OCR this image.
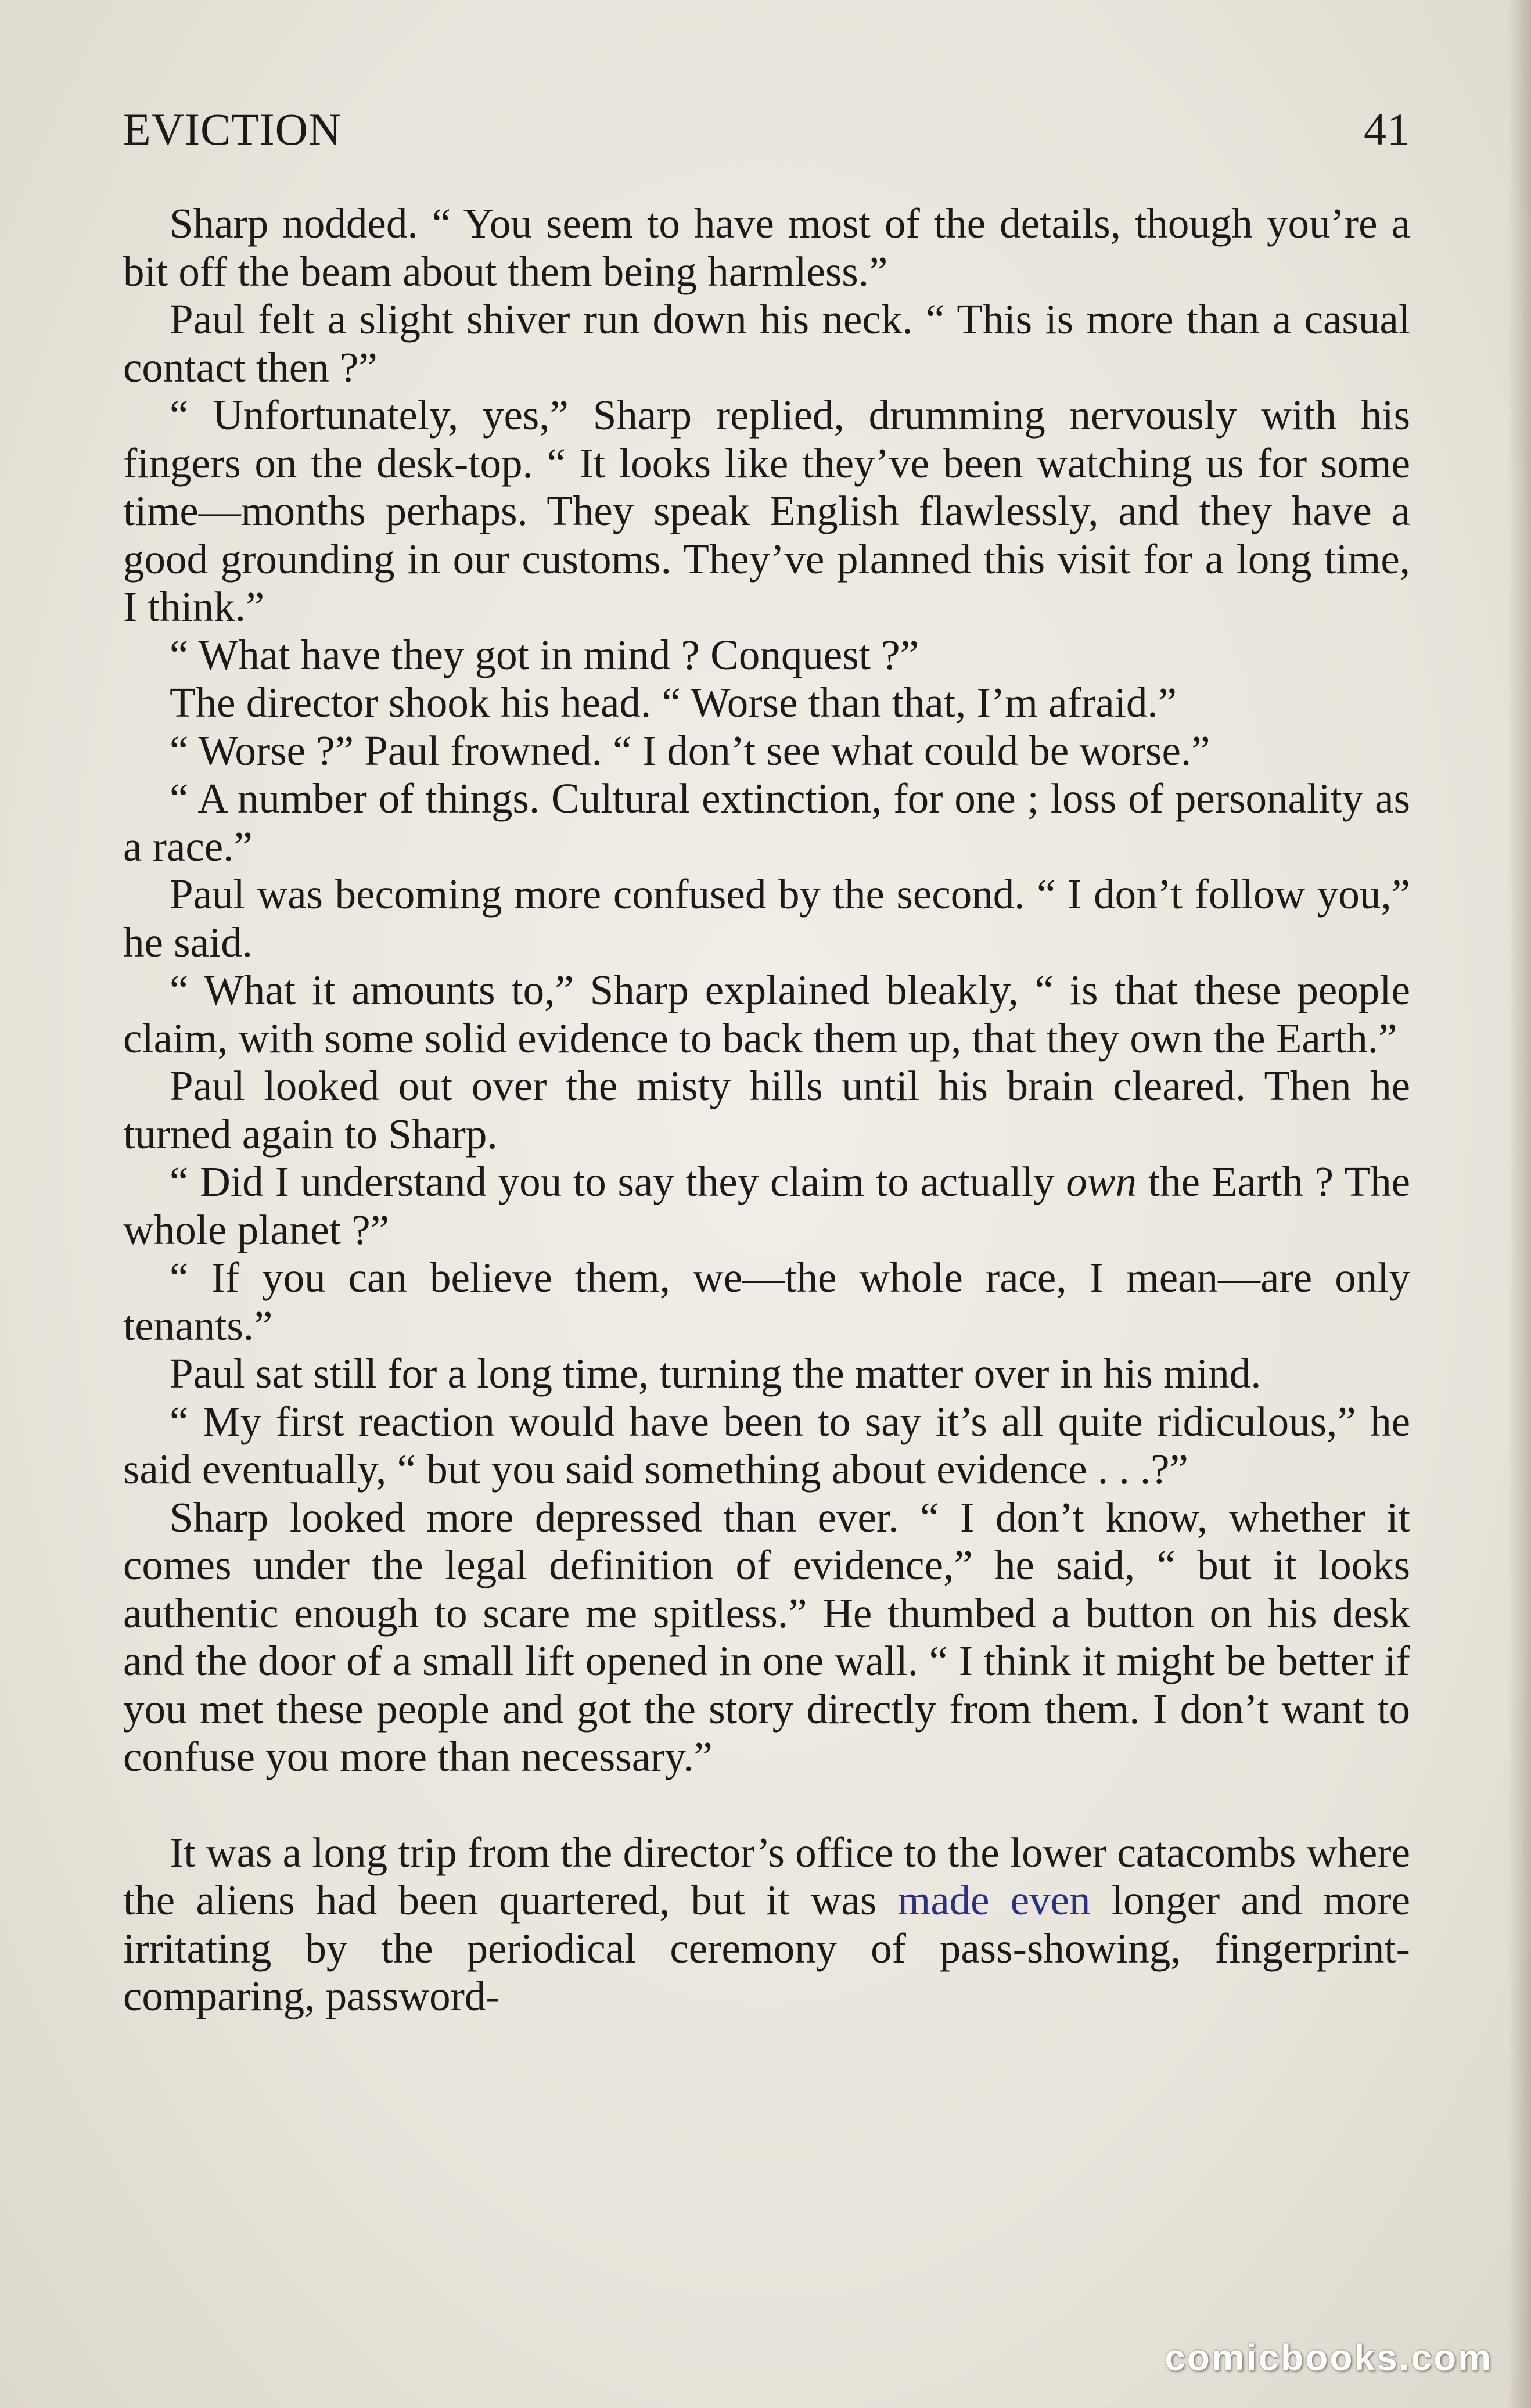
EVICTION	41

Sharp nodded. “ You seem to have most of the details, though you’re a bit off the beam about them being harmless.”

Paul felt a slight shiver run down his neck. “ This is more than a casual contact then ?”

“ Unfortunately, yes,” Sharp replied, drumming nervously with his fingers on the desk-top. “ It looks like they’ve been watching us for some time—months perhaps. They speak English flawlessly, and they have a good grounding in our customs. They’ve planned this visit for a long time, I think.”

“ What have they got in mind ? Conquest ?”

The director shook his head. “ Worse than that, I’m afraid.”

“ Worse ?” Paul frowned. “ I don’t see what could be worse.”

“ A number of things. Cultural extinction, for one ; loss of personality as a race.”

Paul was becoming more confused by the second. “ I don’t follow you,” he said.

“ What it amounts to,” Sharp explained bleakly, “ is that these people claim, with some solid evidence to back them up, that they own the Earth.”

Paul looked out over the misty hills until his brain cleared. Then he turned again to Sharp.

“ Did I understand you to say they claim to actually own the Earth ? The whole planet ?”

“ If you can believe them, we—the whole race, I mean—are only tenants.”

Paul sat still for a long time, turning the matter over in his mind.

“ My first reaction would have been to say it’s all quite ridiculous,” he said eventually, “ but you said something about evidence . . .?”

Sharp looked more depressed than ever. “ I don’t know, whether it comes under the legal definition of evidence,” he said, “ but it looks authentic enough to scare me spitless.” He thumbed a button on his desk and the door of a small lift opened in one wall. “ I think it might be better if you met these people and got the story directly from them. I don’t want to confuse you more than necessary.”

It was a long trip from the director’s office to the lower catacombs where the aliens had been quartered, but it was made even longer and more irritating by the periodical ceremony of pass-showing, fingerprint-comparing, password-

comicbooks.com
